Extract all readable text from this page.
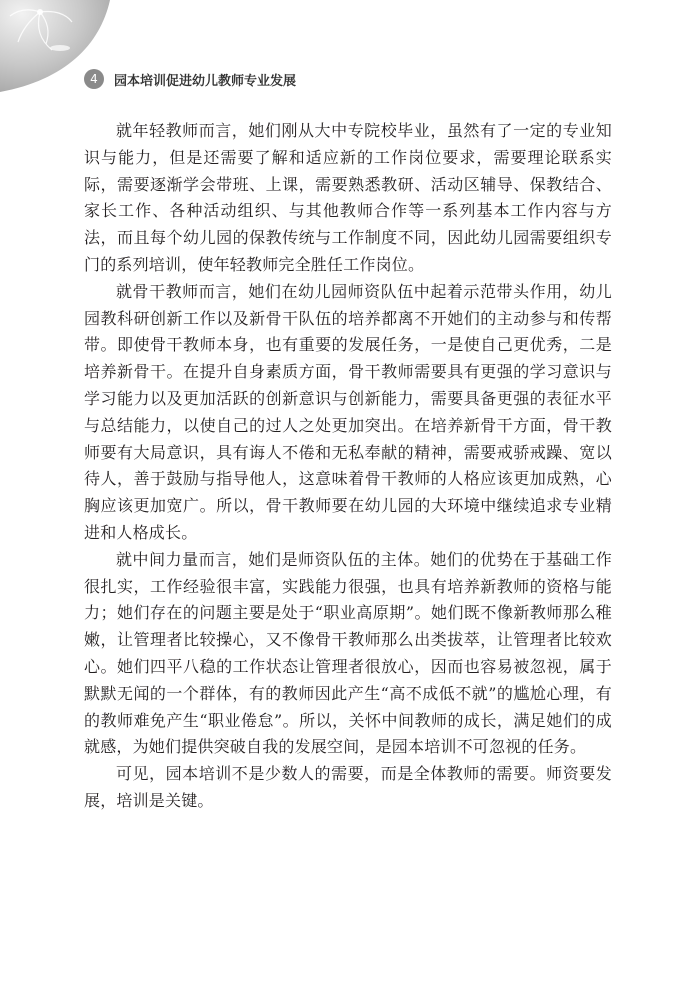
4	园本培训促进幼儿教师专业发展

就年轻教师而言，她们刚从大中专院校毕业，虽然有了一定的专业知识与能力，但是还需要了解和适应新的工作岗位要求，需要理论联系实际，需要逐渐学会带班、上课，需要熟悉教研、活动区辅导、保教结合、家长工作、各种活动组织、与其他教师合作等一系列基本工作内容与方法，而且每个幼儿园的保教传统与工作制度不同，因此幼儿园需要组织专门的系列培训，使年轻教师完全胜任工作岗位。

就骨干教师而言，她们在幼儿园师资队伍中起着示范带头作用，幼儿园教科研创新工作以及新骨干队伍的培养都离不开她们的主动参与和传帮带。即使骨干教师本身，也有重要的发展任务，一是使自己更优秀，二是培养新骨干。在提升自身素质方面，骨干教师需要具有更强的学习意识与学习能力以及更加活跃的创新意识与创新能力，需要具备更强的表征水平与总结能力，以使自己的过人之处更加突出。在培养新骨干方面，骨干教师要有大局意识，具有诲人不倦和无私奉献的精神，需要戒骄戒躁、宽以待人，善于鼓励与指导他人，这意味着骨干教师的人格应该更加成熟，心胸应该更加宽广。所以，骨干教师要在幼儿园的大环境中继续追求专业精进和人格成长。

就中间力量而言，她们是师资队伍的主体。她们的优势在于基础工作很扎实，工作经验很丰富，实践能力很强，也具有培养新教师的资格与能力；她们存在的问题主要是处于“职业高原期”。她们既不像新教师那么稚嫩，让管理者比较操心，又不像骨干教师那么出类拔萃，让管理者比较欢心。她们四平八稳的工作状态让管理者很放心，因而也容易被忽视，属于默默无闻的一个群体，有的教师因此产生“高不成低不就”的尴尬心理，有的教师难免产生“职业倦怠”。所以，关怀中间教师的成长，满足她们的成就感，为她们提供突破自我的发展空间，是园本培训不可忽视的任务。

可见，园本培训不是少数人的需要，而是全体教师的需要。师资要发展，培训是关键。
